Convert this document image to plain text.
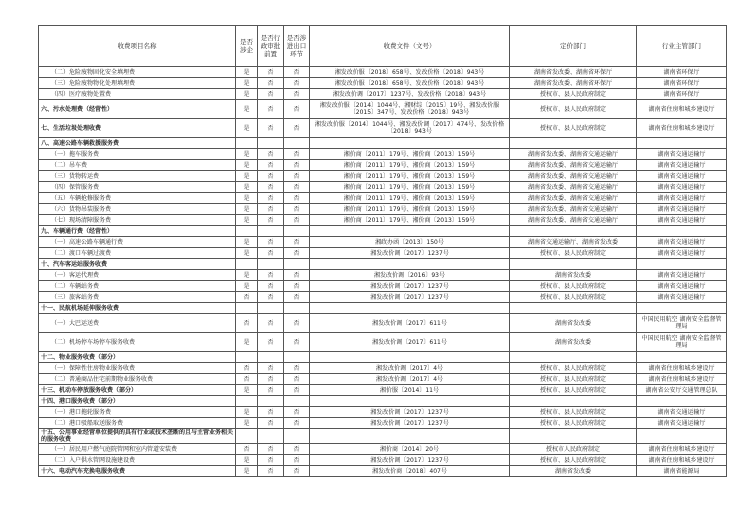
收费项目名称	是否涉企	是否行政审批前置	是否涉进出口环节	收费文件（文号）	定价部门	行业主管部门
（二）危险废物固化安全填埋费	是	否	否	湘发改价服〔2018〕658号、发改价格〔2018〕943号	湖南省发改委、湖南省环保厅	湖南省环保厅
（三）危险废物物化处理填埋费	是	否	否	湘发改价服〔2018〕658号、发改价格〔2018〕943号	湖南省发改委、湖南省环保厅	湖南省环保厅
（四）医疗废物处置费	是	否	否	湘发改价调〔2017〕1237号、发改价格〔2018〕943号	授权市、县人民政府制定	湖南省环保厅
六、污水处理费（经营性）	是	否	否	湘发改价服〔2014〕1044号、湘财综〔2015〕19号、湘发改价服〔2015〕347号、发改价格〔2018〕943号	授权市、县人民政府制定	湖南省住房和城乡建设厅
七、生活垃圾处理收费	是	否	否	湘发改价服〔2014〕1044号、湘发改价调〔2017〕474号、发改价格〔2018〕943号	授权市、县人民政府制定	湖南省住房和城乡建设厅
八、高速公路车辆救援服务费						
（一）拖车服务费	是	否	否	湘价商〔2011〕179号、湘价商〔2013〕159号	湖南省发改委、湖南省交通运输厅	湖南省交通运输厅
（二）吊车费	是	否	否	湘价商〔2011〕179号、湘价商〔2013〕159号	湖南省发改委、湖南省交通运输厅	湖南省交通运输厅
（三）货物转运费	是	否	否	湘价商〔2011〕179号、湘价商〔2013〕159号	湖南省发改委、湖南省交通运输厅	湖南省交通运输厅
（四）保管服务费	是	否	否	湘价商〔2011〕179号、湘价商〔2013〕159号	湖南省发改委、湖南省交通运输厅	湖南省交通运输厅
（五）车辆抢修服务费	是	否	否	湘价商〔2011〕179号、湘价商〔2013〕159号	湖南省发改委、湖南省交通运输厅	湖南省交通运输厅
（六）货物吊装服务费	是	否	否	湘价商〔2011〕179号、湘价商〔2013〕159号	湖南省发改委、湖南省交通运输厅	湖南省交通运输厅
（七）现场清障服务费	是	否	否	湘价商〔2011〕179号、湘价商〔2013〕159号	湖南省发改委、湖南省交通运输厅	湖南省交通运输厅
九、车辆通行费（经营性）						
（一）高速公路车辆通行费	是	否	否	湘政办函〔2013〕150号	湖南省交通运输厅、湖南省发改委	湖南省交通运输厅
（二）渡口车辆过渡费	是	否	否	湘发改价调〔2017〕1237号	授权市、县人民政府制定	湖南省交通运输厅
十、汽车客运站服务收费						
（一）客运代理费	是	否	否	湘发改价调〔2016〕93号	湖南省发改委	湖南省交通运输厅
（二）车辆站务费	是	否	否	湘发改价调〔2017〕1237号	授权市、县人民政府制定	湖南省交通运输厅
（三）旅客站务费	否	否	否	湘发改价调〔2017〕1237号	授权市、县人民政府制定	湖南省交通运输厅
十一、民航机场延伸服务收费						
（一）大巴运送费	否	否	否	湘发改价调〔2017〕611号	湖南省发改委	中国民用航空 湖南安全监督管理局
（二）机场停车场停车服务收费	是	否	否	湘发改价调〔2017〕611号	湖南省发改委	中国民用航空 湖南安全监督管理局
十二、物业服务收费（部分）						
（一）保障性住房物业服务收费	否	否	否	湘发改价调〔2017〕4号	授权市、县人民政府制定	湖南省住房和城乡建设厅
（二）普通商品住宅前期物业服务收费	否	否	否	湘发改价调〔2017〕4号	授权市、县人民政府制定	湖南省住房和城乡建设厅
十三、机动车停放服务收费（部分）	是	否	否	湘价服〔2014〕11号	授权市、县人民政府制定	湖南省公安厅交通管理总队
十四、港口服务收费（部分）						
（一）港口拖轮服务费	是	否	否	湘发改价调〔2017〕1237号	授权市、县人民政府制定	湖南省交通运输厅
（二）港口驳船取送服务费	是	否	否	湘发改价调〔2017〕1237号	授权市、县人民政府制定	湖南省交通运输厅
十五、公用事业经营单位提供的具有行业或技术垄断的且与主营业务相关的服务收费						
（一）居民用户燃气庭院管网和室内管道安装费	否	否	否	湘价商〔2014〕20号	授权市人民政府制定	湖南省住房和城乡建设厅
（二）入户供水管网设施建设费	是	否	否	湘发改价调〔2017〕1237号	授权市、县人民政府制定	湖南省住房和城乡建设厅
十六、电动汽车充换电服务收费	是	否	否	湘发改价商〔2018〕407号	湖南省发改委	湖南省能源局
